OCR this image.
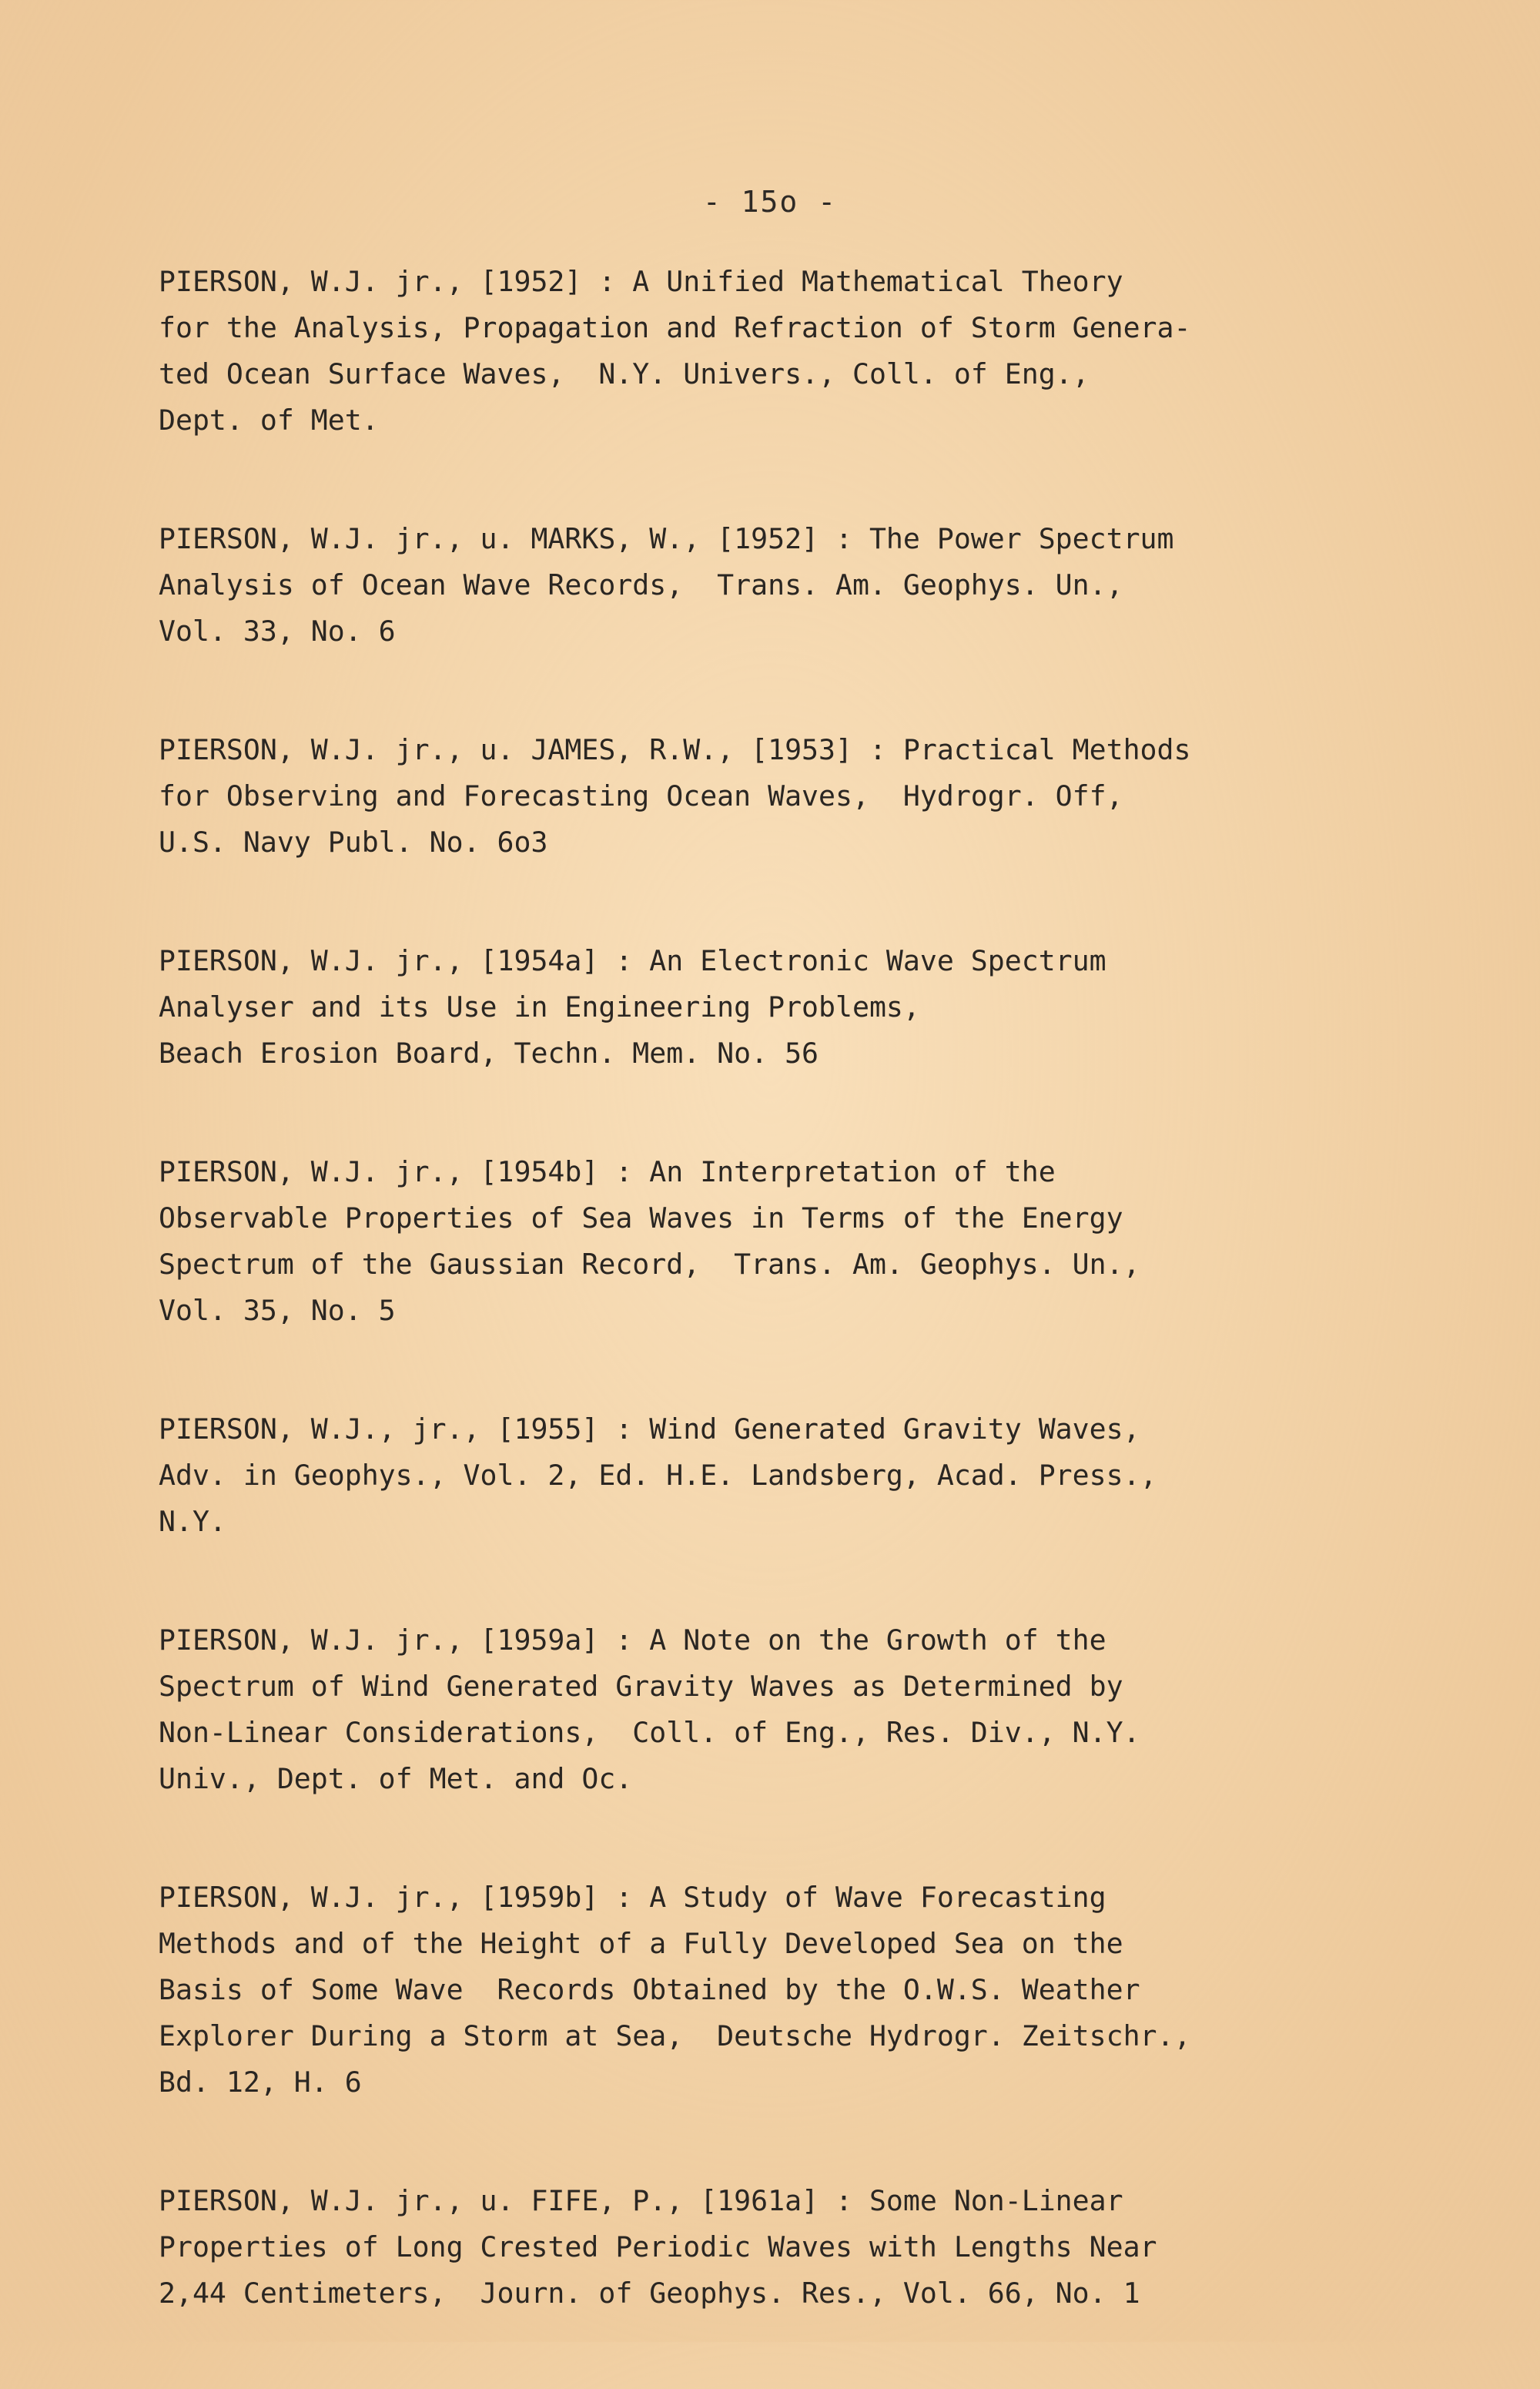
- 15o -
PIERSON, W.J. jr., [1952] : A Unified Mathematical Theory
for the Analysis, Propagation and Refraction of Storm Genera-
ted Ocean Surface Waves,  N.Y. Univers., Coll. of Eng.,
Dept. of Met.
PIERSON, W.J. jr., u. MARKS, W., [1952] : The Power Spectrum
Analysis of Ocean Wave Records,  Trans. Am. Geophys. Un.,
Vol. 33, No. 6
PIERSON, W.J. jr., u. JAMES, R.W., [1953] : Practical Methods
for Observing and Forecasting Ocean Waves,  Hydrogr. Off,
U.S. Navy Publ. No. 6o3
PIERSON, W.J. jr., [1954a] : An Electronic Wave Spectrum
Analyser and its Use in Engineering Problems,
Beach Erosion Board, Techn. Mem. No. 56
PIERSON, W.J. jr., [1954b] : An Interpretation of the
Observable Properties of Sea Waves in Terms of the Energy
Spectrum of the Gaussian Record,  Trans. Am. Geophys. Un.,
Vol. 35, No. 5
PIERSON, W.J., jr., [1955] : Wind Generated Gravity Waves,
Adv. in Geophys., Vol. 2, Ed. H.E. Landsberg, Acad. Press.,
N.Y.
PIERSON, W.J. jr., [1959a] : A Note on the Growth of the
Spectrum of Wind Generated Gravity Waves as Determined by
Non-Linear Considerations,  Coll. of Eng., Res. Div., N.Y.
Univ., Dept. of Met. and Oc.
PIERSON, W.J. jr., [1959b] : A Study of Wave Forecasting
Methods and of the Height of a Fully Developed Sea on the
Basis of Some Wave  Records Obtained by the O.W.S. Weather
Explorer During a Storm at Sea,  Deutsche Hydrogr. Zeitschr.,
Bd. 12, H. 6
PIERSON, W.J. jr., u. FIFE, P., [1961a] : Some Non-Linear
Properties of Long Crested Periodic Waves with Lengths Near
2,44 Centimeters,  Journ. of Geophys. Res., Vol. 66, No. 1
